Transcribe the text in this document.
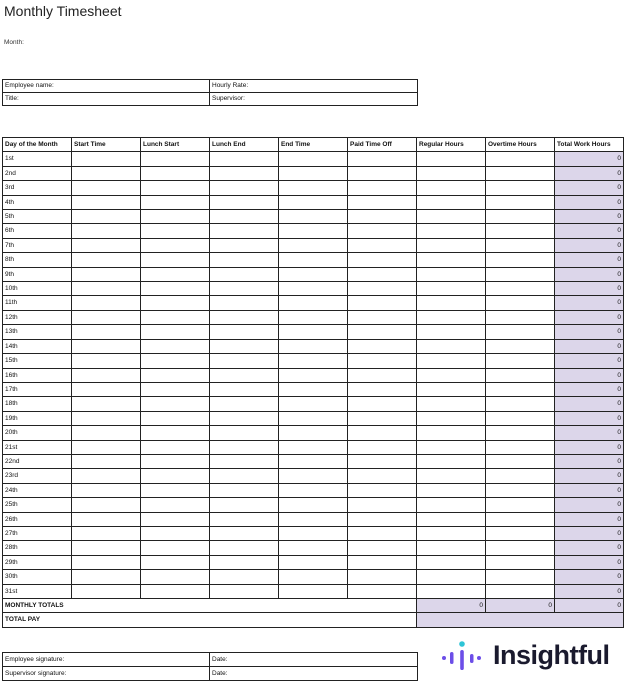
Monthly Timesheet
Month:
Employee name:	Hourly Rate:
Title:	Supervisor:
Day of the Month	Start Time	Lunch Start	Lunch End	End Time	Paid Time Off	Regular Hours	Overtime Hours	Total Work Hours
1st								0
2nd								0
3rd								0
4th								0
5th								0
6th								0
7th								0
8th								0
9th								0
10th								0
11th								0
12th								0
13th								0
14th								0
15th								0
16th								0
17th								0
18th								0
19th								0
20th								0
21st								0
22nd								0
23rd								0
24th								0
25th								0
26th								0
27th								0
28th								0
29th								0
30th								0
31st								0
MONTHLY TOTALS						0	0	0
TOTAL PAY								
Employee signature:	Date:
Supervisor signature:	Date:
Insightful
